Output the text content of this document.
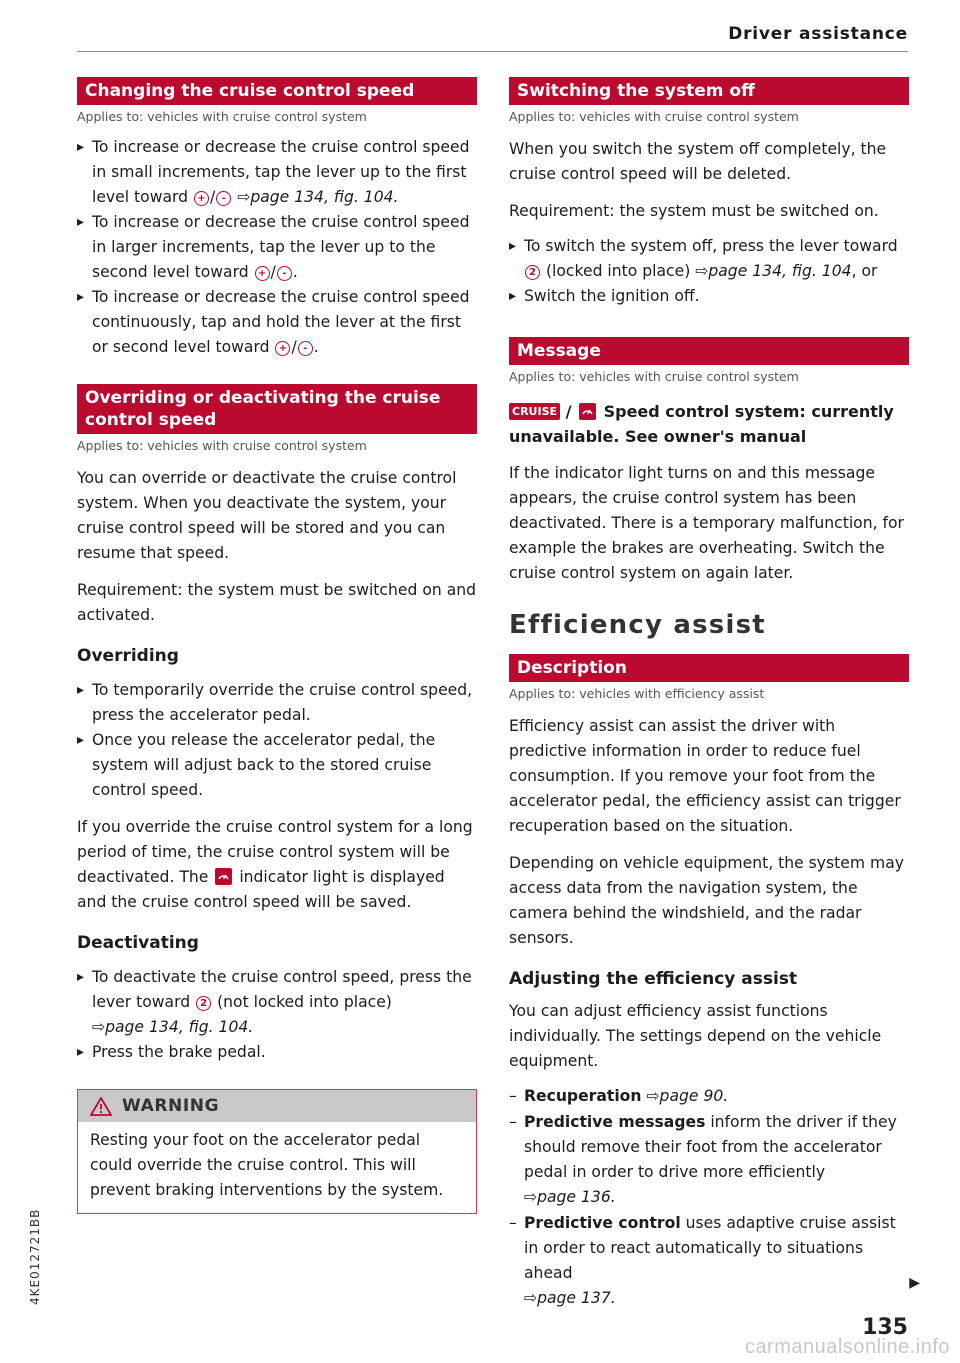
Driver assistance
Changing the cruise control speed
Applies to: vehicles with cruise control system
▸ To increase or decrease the cruise control speed in small increments, tap the lever up to the first level toward + / - ⇨page 134, fig. 104.
▸ To increase or decrease the cruise control speed in larger increments, tap the lever up to the second level toward + / - .
▸ To increase or decrease the cruise control speed continuously, tap and hold the lever at the first or second level toward + / - .
Overriding or deactivating the cruise control speed
Applies to: vehicles with cruise control system

You can override or deactivate the cruise control system. When you deactivate the system, your cruise control speed will be stored and you can resume that speed.

Requirement: the system must be switched on and activated.

Overriding
▸ To temporarily override the cruise control speed, press the accelerator pedal.
▸ Once you release the accelerator pedal, the system will adjust back to the stored cruise control speed.

If you override the cruise control system for a long period of time, the cruise control system will be deactivated. The indicator light is displayed and the cruise control speed will be saved.

Deactivating
▸ To deactivate the cruise control speed, press the lever toward 2 (not locked into place)
⇨page 134, fig. 104.
▸ Press the brake pedal.
WARNING
Resting your foot on the accelerator pedal could override the cruise control. This will prevent braking interventions by the system.
Switching the system off
Applies to: vehicles with cruise control system

When you switch the system off completely, the cruise control speed will be deleted.

Requirement: the system must be switched on.

▸ To switch the system off, press the lever toward 2 (locked into place) ⇨page 134, fig. 104, or
▸ Switch the ignition off.
Message
Applies to: vehicles with cruise control system
CRUISE / Speed control system: currently unavailable. See owner's manual

If the indicator light turns on and this message appears, the cruise control system has been deactivated. There is a temporary malfunction, for example the brakes are overheating. Switch the cruise control system on again later.

Efficiency assist
Description
Applies to: vehicles with efficiency assist

Efficiency assist can assist the driver with predictive information in order to reduce fuel consumption. If you remove your foot from the accelerator pedal, the efficiency assist can trigger recuperation based on the situation.

Depending on vehicle equipment, the system may access data from the navigation system, the camera behind the windshield, and the radar sensors.

Adjusting the efficiency assist

You can adjust efficiency assist functions individually. The settings depend on the vehicle equipment.

– Recuperation ⇨page 90.
– Predictive messages inform the driver if they should remove their foot from the accelerator pedal in order to drive more efficiently
⇨page 136.
– Predictive control uses adaptive cruise assist in order to react automatically to situations ahead
⇨page 137.
▶
135
4KE012721BB
carmanualsonline.info
